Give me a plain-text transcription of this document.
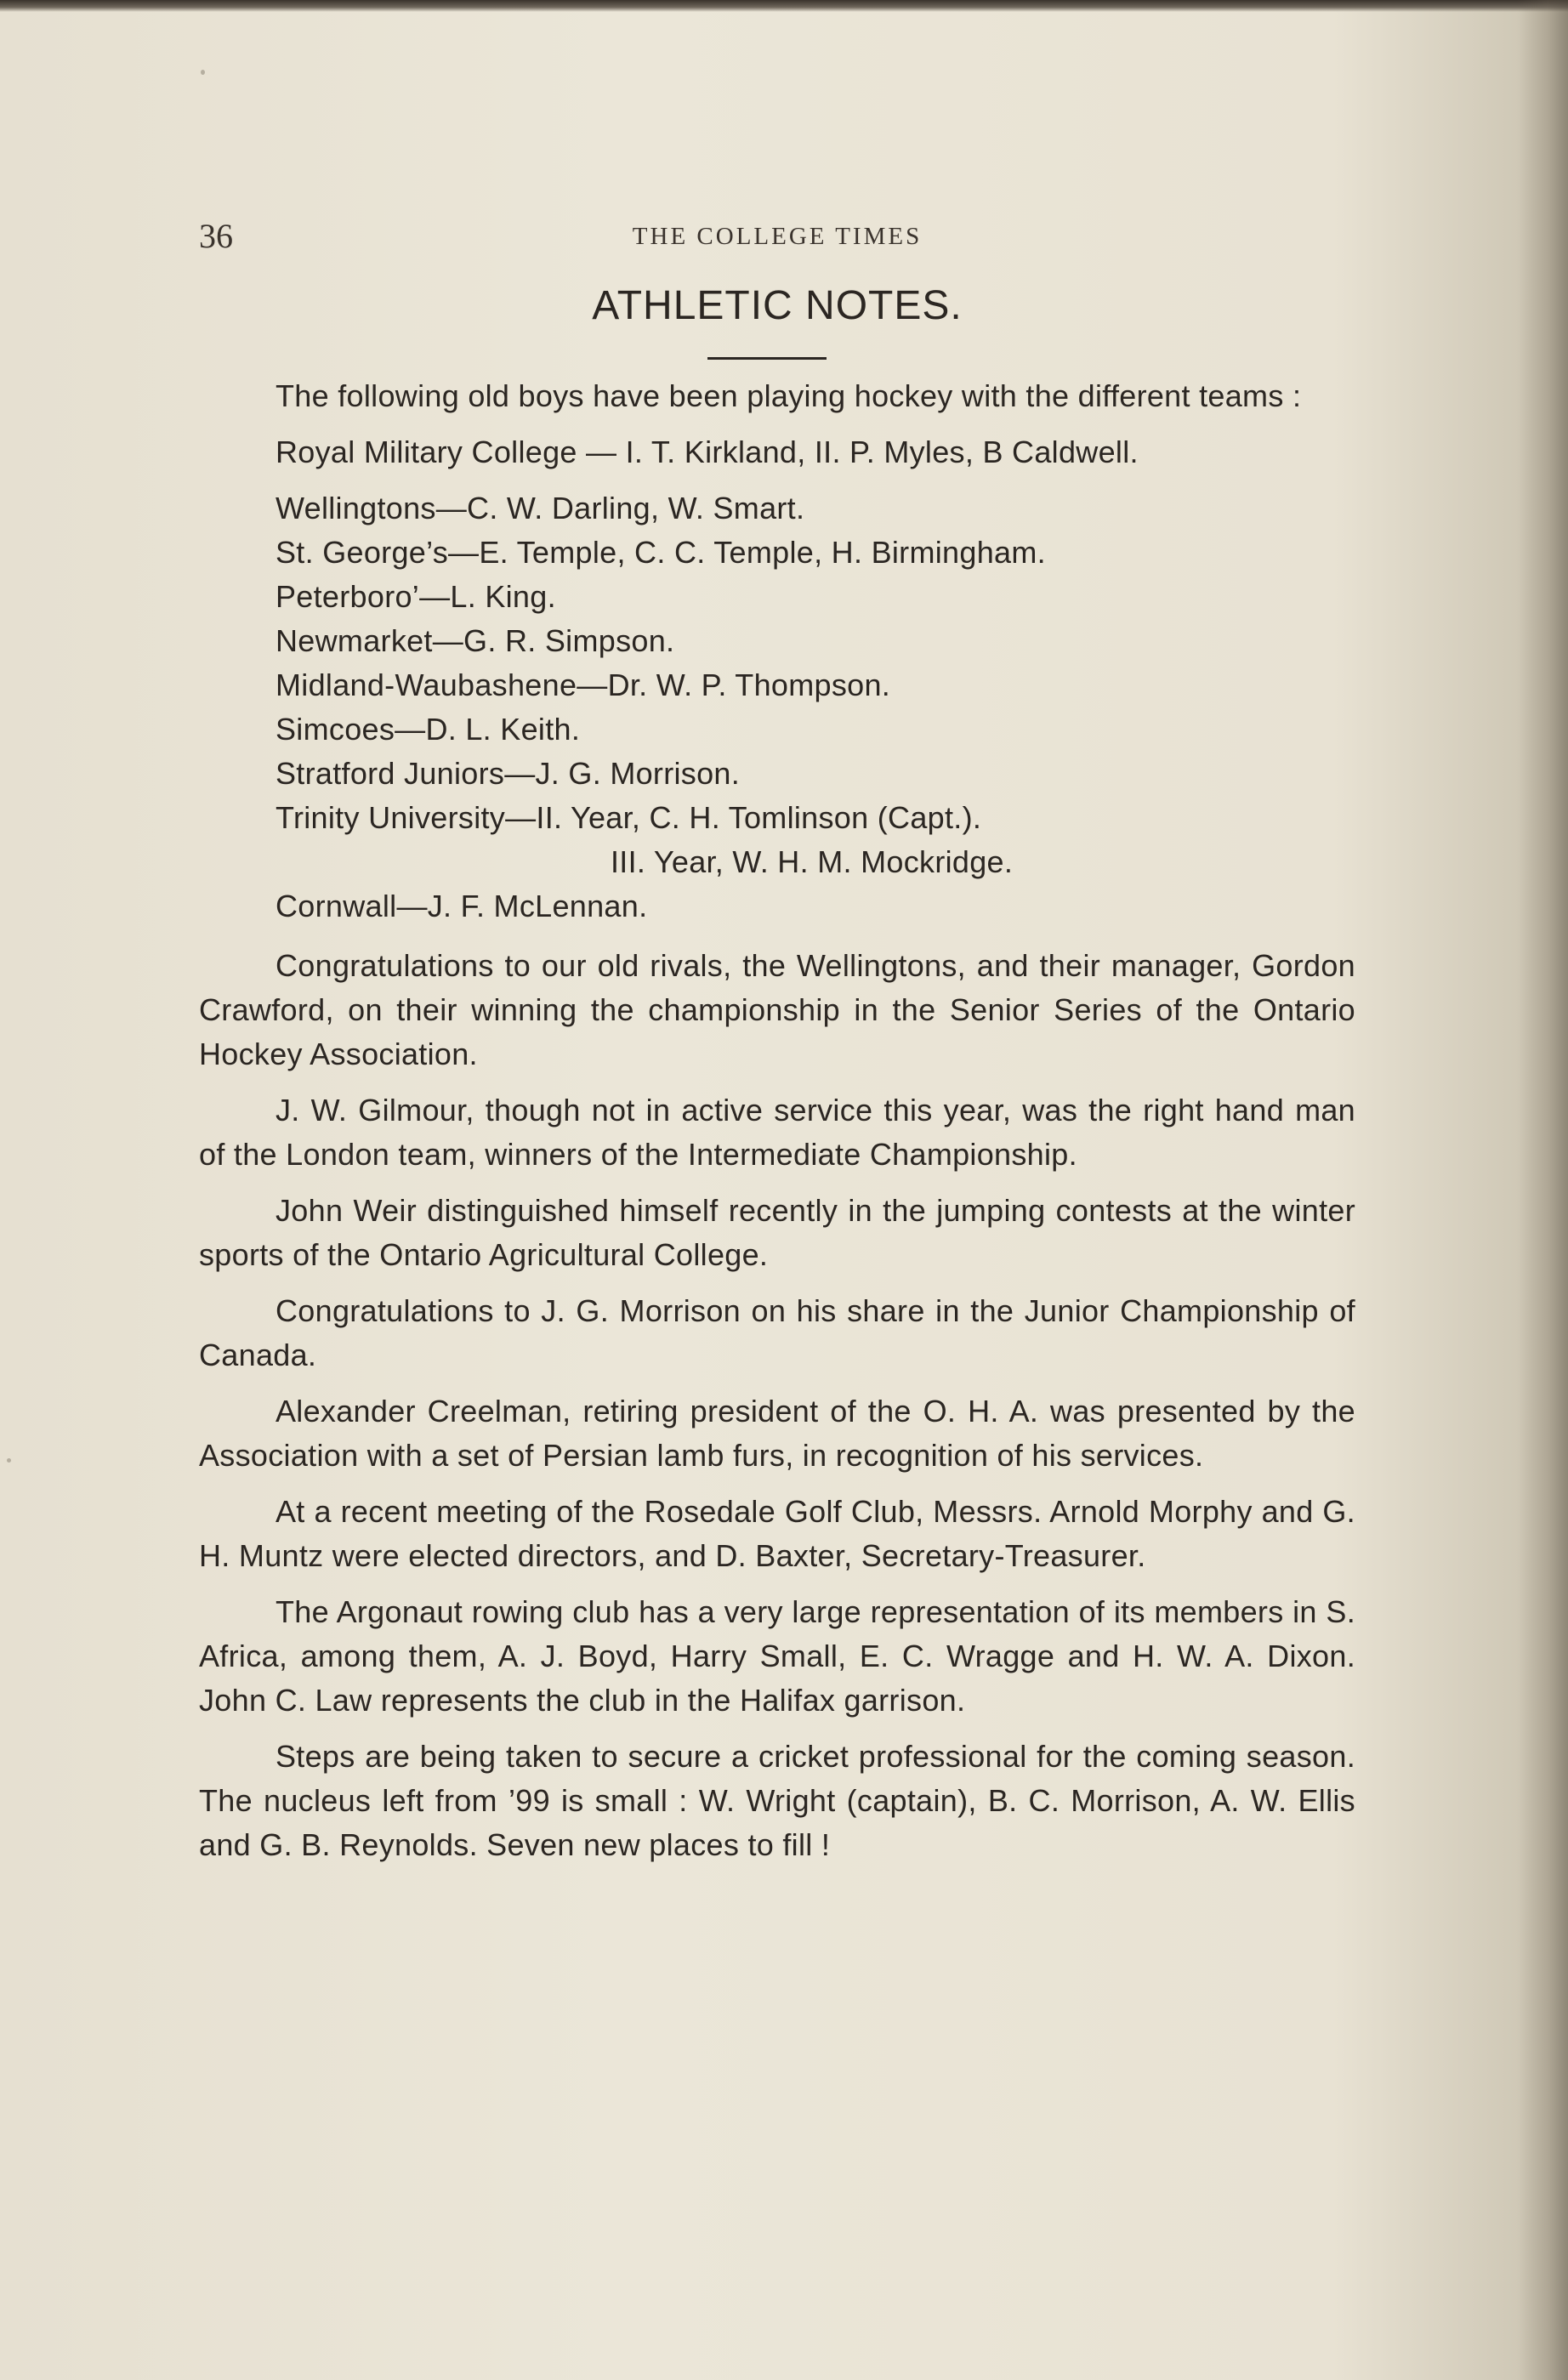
36	THE COLLEGE TIMES
ATHLETIC NOTES.

The following old boys have been playing hockey with the different teams :

Royal Military College — I. T. Kirkland, II. P. Myles, B Caldwell.

Wellingtons—C. W. Darling, W. Smart.

St. George’s—E. Temple, C. C. Temple, H. Birmingham.

Peterboro’—L. King.

Newmarket—G. R. Simpson.

Midland-Waubashene—Dr. W. P. Thompson.

Simcoes—D. L. Keith.

Stratford Juniors—J. G. Morrison.

Trinity University—II. Year, C. H. Tomlinson (Capt.).

III. Year, W. H. M. Mockridge.

Cornwall—J. F. McLennan.

Congratulations to our old rivals, the Wellingtons, and their manager, Gordon Crawford, on their winning the championship in the Senior Series of the Ontario Hockey Association.

J. W. Gilmour, though not in active service this year, was the right hand man of the London team, winners of the Intermediate Championship.

John Weir distinguished himself recently in the jumping contests at the winter sports of the Ontario Agricultural College.

Congratulations to J. G. Morrison on his share in the Junior Championship of Canada.

Alexander Creelman, retiring president of the O. H. A. was presented by the Association with a set of Persian lamb furs, in recognition of his services.

At a recent meeting of the Rosedale Golf Club, Messrs. Arnold Morphy and G. H. Muntz were elected directors, and D. Baxter, Secretary-Treasurer.

The Argonaut rowing club has a very large representation of its members in S. Africa, among them, A. J. Boyd, Harry Small, E. C. Wragge and H. W. A. Dixon. John C. Law represents the club in the Halifax garrison.

Steps are being taken to secure a cricket professional for the coming season. The nucleus left from ’99 is small : W. Wright (captain), B. C. Morrison, A. W. Ellis and G. B. Reynolds. Seven new places to fill !
